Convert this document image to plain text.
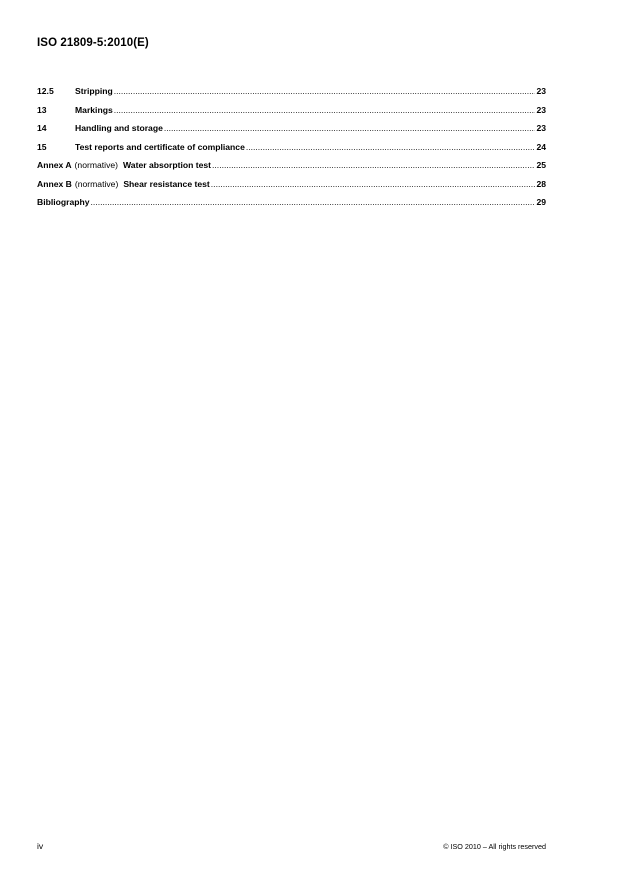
ISO 21809-5:2010(E)
12.5	Stripping .....	23
13	Markings .....	23
14	Handling and storage .....	23
15	Test reports and certificate of compliance .....	24
Annex A (normative) Water absorption test .....	25
Annex B (normative) Shear resistance test .....	28
Bibliography .....	29
iv	© ISO 2010 – All rights reserved
